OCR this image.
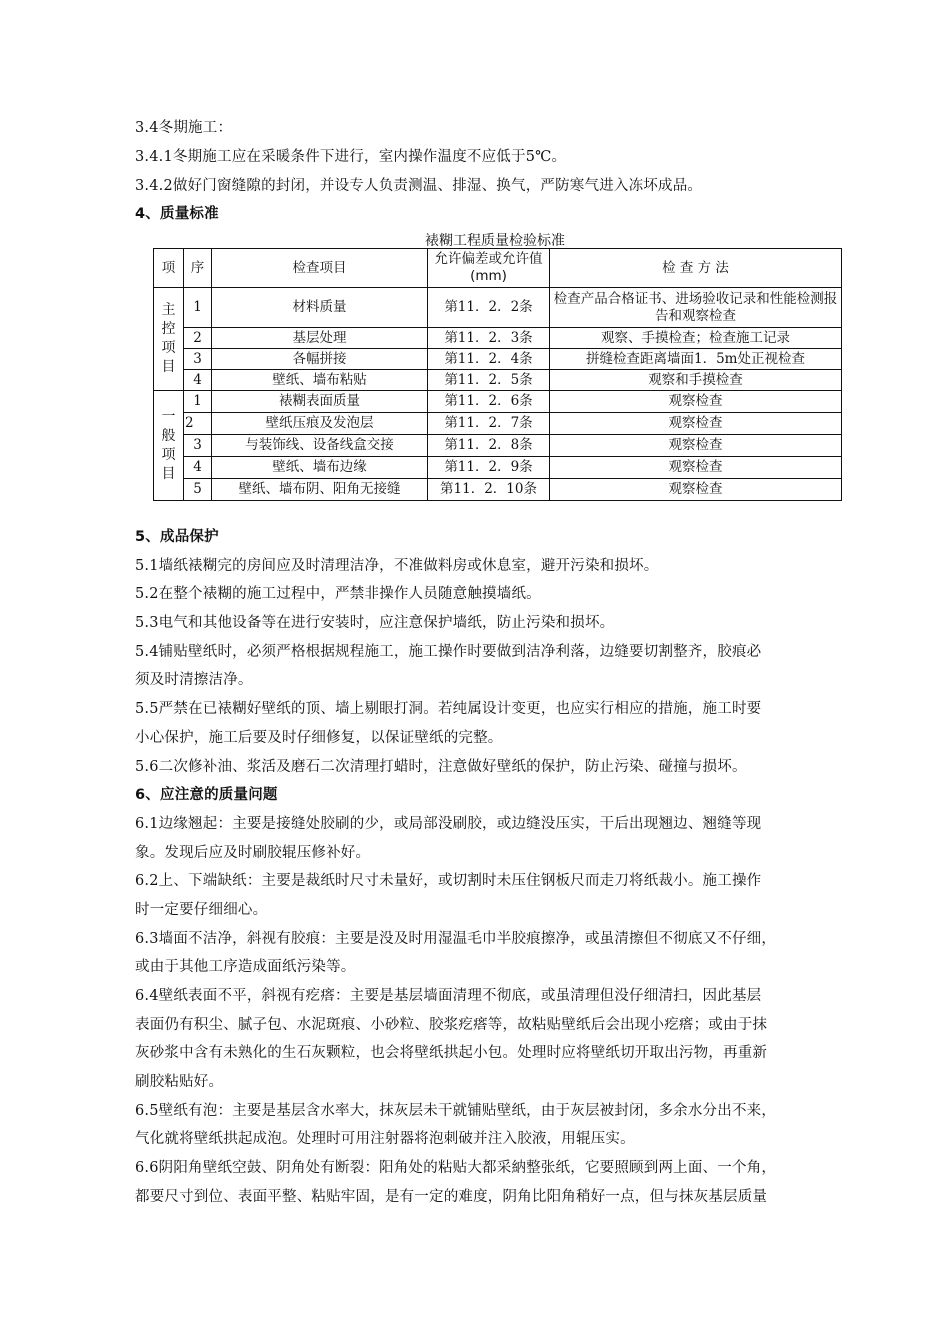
3.4冬期施工：
3.4.1冬期施工应在采暖条件下进行，室内操作温度不应低于5℃。
3.4.2做好门窗缝隙的封闭，并设专人负责测温、排湿、换气，严防寒气进入冻坏成品。
4、质量标准
裱糊工程质量检验标准
项	序	检查项目	允许偏差或允许值(mm)	检 查 方 法
主控项目	1	材料质量	第11．2．2条	检查产品合格证书、进场验收记录和性能检测报告和观察检查
	2	基层处理	第11．2．3条	观察、手摸检查；检查施工记录
	3	各幅拼接	第11．2．4条	拼缝检查距离墙面1．5m处正视检查
	4	壁纸、墙布粘贴	第11．2．5条	观察和手摸检查
一般项目	1	裱糊表面质量	第11．2．6条	观察检查
	2	壁纸压痕及发泡层	第11．2．7条	观察检查
	3	与装饰线、设备线盒交接	第11．2．8条	观察检查
	4	壁纸、墙布边缘	第11．2．9条	观察检查
	5	壁纸、墙布阴、阳角无接缝	第11．2．10条	观察检查
5、成品保护
5.1墙纸裱糊完的房间应及时清理洁净，不准做料房或休息室，避开污染和损坏。
5.2在整个裱糊的施工过程中，严禁非操作人员随意触摸墙纸。
5.3电气和其他设备等在进行安装时，应注意保护墙纸，防止污染和损坏。
5.4铺贴壁纸时，必须严格根据规程施工，施工操作时要做到洁净利落，边缝要切割整齐，胶痕必
须及时清擦洁净。
5.5严禁在已裱糊好壁纸的顶、墙上剔眼打洞。若纯属设计变更，也应实行相应的措施，施工时要
小心保护，施工后要及时仔细修复，以保证壁纸的完整。
5.6二次修补油、浆活及磨石二次清理打蜡时，注意做好壁纸的保护，防止污染、碰撞与损坏。
6、应注意的质量问题
6.1边缘翘起：主要是接缝处胶刷的少，或局部没刷胶，或边缝没压实，干后出现翘边、翘缝等现
象。发现后应及时刷胶辊压修补好。
6.2上、下端缺纸：主要是裁纸时尺寸未量好，或切割时未压住钢板尺而走刀将纸裁小。施工操作
时一定要仔细细心。
6.3墙面不洁净，斜视有胶痕：主要是没及时用湿温毛巾半胶痕擦净，或虽清擦但不彻底又不仔细，
或由于其他工序造成面纸污染等。
6.4壁纸表面不平，斜视有疙瘩：主要是基层墙面清理不彻底，或虽清理但没仔细清扫，因此基层
表面仍有积尘、腻子包、水泥斑痕、小砂粒、胶浆疙瘩等，故粘贴壁纸后会出现小疙瘩；或由于抹
灰砂浆中含有未熟化的生石灰颗粒，也会将壁纸拱起小包。处理时应将壁纸切开取出污物，再重新
刷胶粘贴好。
6.5壁纸有泡：主要是基层含水率大，抹灰层未干就铺贴壁纸，由于灰层被封闭，多余水分出不来，
气化就将壁纸拱起成泡。处理时可用注射器将泡刺破并注入胶液，用辊压实。
6.6阴阳角壁纸空鼓、阴角处有断裂：阳角处的粘贴大都采納整张纸，它要照顾到两上面、一个角，
都要尺寸到位、表面平整、粘贴牢固，是有一定的难度，阴角比阳角稍好一点，但与抹灰基层质量
